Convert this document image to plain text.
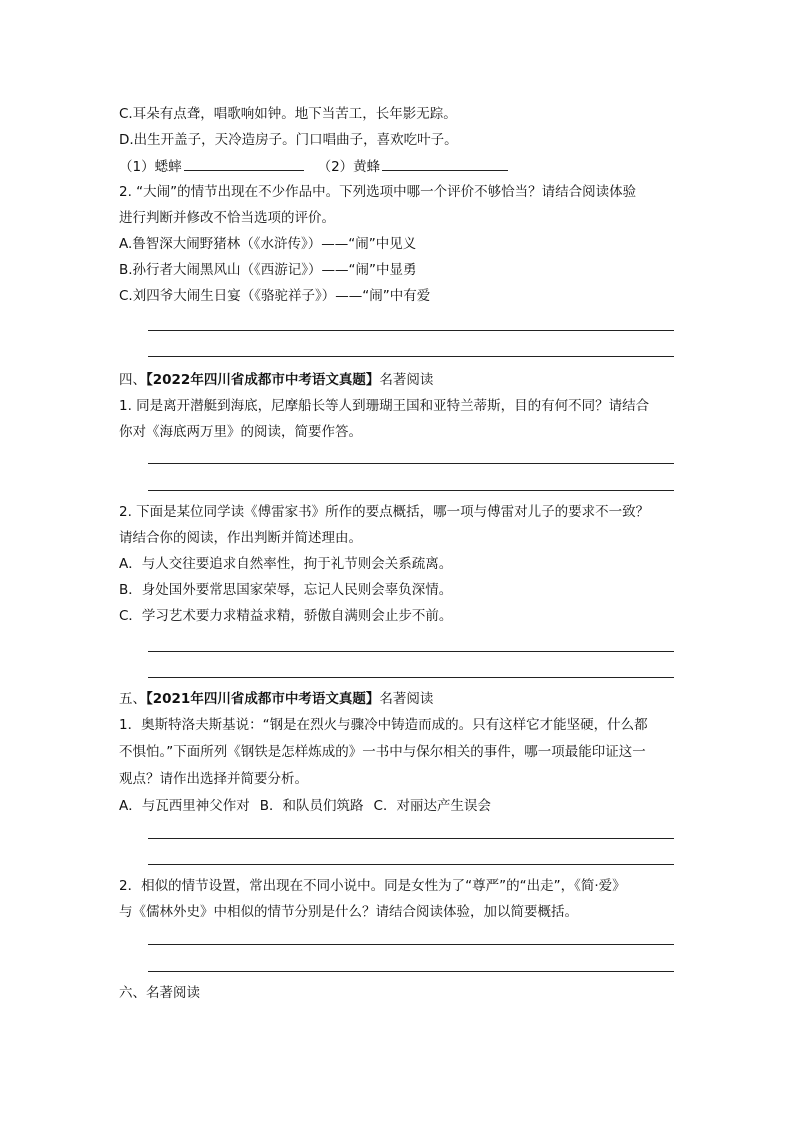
C.耳朵有点聋，唱歌响如钟。地下当苦工，长年影无踪。
D.出生开盖子，天冷造房子。门口唱曲子，喜欢吃叶子。
（1）蟋蟀	（2）黄蜂
2. “大闹”的情节出现在不少作品中。下列选项中哪一个评价不够恰当？请结合阅读体验
进行判断并修改不恰当选项的评价。
A.鲁智深大闹野猪林（《水浒传》）——“闹”中见义
B.孙行者大闹黑风山（《西游记》）——“闹”中显勇
C.刘四爷大闹生日宴（《骆驼祥子》）——“闹”中有爱
四、【2022年四川省成都市中考语文真题】名著阅读
1. 同是离开潜艇到海底，尼摩船长等人到珊瑚王国和亚特兰蒂斯，目的有何不同？请结合
你对《海底两万里》的阅读，简要作答。
2. 下面是某位同学读《傅雷家书》所作的要点概括，哪一项与傅雷对儿子的要求不一致？
请结合你的阅读，作出判断并简述理由。
A．与人交往要追求自然率性，拘于礼节则会关系疏离。
B．身处国外要常思国家荣辱，忘记人民则会辜负深情。
C．学习艺术要力求精益求精，骄傲自满则会止步不前。
五、【2021年四川省成都市中考语文真题】名著阅读
1．奥斯特洛夫斯基说：“钢是在烈火与骤冷中铸造而成的。只有这样它才能坚硬，什么都
不惧怕。”下面所列《钢铁是怎样炼成的》一书中与保尔相关的事件，哪一项最能印证这一
观点？请作出选择并简要分析。
A．与瓦西里神父作对 B．和队员们筑路 C．对丽达产生误会
2．相似的情节设置，常出现在不同小说中。同是女性为了“尊严”的“出走”，《简·爱》
与《儒林外史》中相似的情节分别是什么？请结合阅读体验，加以简要概括。
六、名著阅读
